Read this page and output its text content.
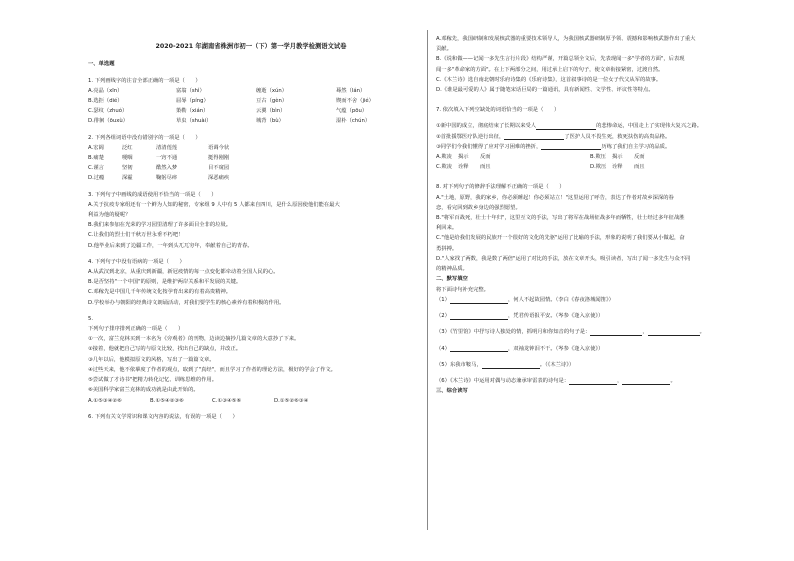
2020-2021 年湖南省株洲市初一（下）第一学月教学检测语文试卷
一、单选题
1. 下列画线字的注音全部正确的一项是（　　）
A.亮晶（xīn）	富翁（shì）	缠逝（xún）	蓦然（lán）
B.选拒（dié）	屈辱（píng）	豆古（gèn）	锲而不舍（jié）
C.瑟纹（zhuó）	策勒（xián）	云翼（bìn）	气蕴（pōu）
D.徘徊（ōuxù）	草虫（shuài）	城背（bù）	湿朴（chún）
2. 下列各组词语中没有错别字的一项是（　　）
A.宏阔	泛红	清清莲莲	语调今状
B.痛楚	哽咽	一窍不通	挺得刚刚
C.谨言	坚韧	酷然入梦	目不窥园
D.过瘾	深霾	鞠躬尽瘁	深恶痛疾
3. 下列句子中画线的成语使用不恰当的一项是（　　）
A.关于抗疫专家组还有一个鲜为人知的秘密，专家组 9 人中有 5 人都来自四川，是什么原因使他们能在最大
利益为他的疑呢？
B.我们来参加在光荣的学习园里清理了许多面目全非的垃圾。
C.让我们的烈士们干秋万世永垂不朽吧！
D.他毕业后来到了边疆工作，一年到头兀兀穷年，奉献着自己的青春。
4. 下列句子中没有语病的一项是（　　）
A.从武汉到北京，从重庆到新疆，新冠疫情的每一点变化都牵动着全国人民的心。
B.是否坚持"一个中国"的原则，是维护两岸关系和平发展的关键。
C.邓稼先是中国几千年传统文化按孕育出来的有着高贵精神。
D.学校举办与朝阳的经典诗文朗诵活动，对我们要学生的核心素养有着积极的作用。
5.
下列句子排序排列正确的一项是（　　）
①一次，富兰克林买到一本名为《旁观者》的刊物，边读边摘抄几篇文章的大意抄了下来。
②接着，他就把自己写的与原文比较，找出自己的缺点，并改正。
③几年以后，他模拟原文的风格，写出了一篇篇文章。
④过些天来，他不依摹度了作者的观点，取到了"真经"，而且学习了作者的理论方法，极好的学会了作文。
⑤尝试做了才诗书"把精力转化记忆、训练思维的作用。
⑥美国科学家富兰克林的成功就是由此开始的。
A.①⑤③④②⑥	B.①⑤④②③⑥	C.①③④⑤⑥	D.①⑤②⑥③④
6. 下列有关文学常识和课文内容的说法，有误的一项是（　　）
A.邓稼先，我国研制和发展核武器的重要技术领导人，为我国核武器研制厚予领、震撼和影响核武器作出了重大
贡献。
B.《说和做——记闻一多先生言行片段》结构严谨，开篇总领全文后，先表现闻一多"学者的方面"，后表现
闻一多"革命家的方面"。在上下两部分之间，用过承上启下的句子，使文章衔接紧密，过渡自然。
C.《木兰诗》选自南北朝时乐府诗集的《乐府诗集》，这首叙事诗的是一位女子代父从军的故事。
D.《谁是最可爱的人》属于随笔宋话巨局的一篇通讯，具有新闻性、文学性、评议性等特点。
7. 依次填入下列空缺处的词语恰当的一项是（　　）
①新中国的成立，彻底结束了长期以来受人	的悲惨命运，中国走上了实现伟大复兴之路。
②首批援鄂医疗队逆行出征，	了医护人员不畏生死，救死扶伤的高贵品格。
③同学们今我们懂得了应对学习困难的挫折，	历练了我们自主学习的品质。
A.欺凌	揭示	反而	B.欺压	揭示	反而
C.欺凌	诠释	而且	D.欺压	诠释	而且
8. 对下列句子的修辞手法理解不正确的一项是（　　）
A."土地，原野，我的家乡，你必须睡起！你必须站立！"这里运用了呼告，表达了作者对故乡深深的眷
恋，看完回到故乡身边的强烈愿望。
B."将军百战死，壮士十年归"，这里互文的手法，写出了将军在战场征战多年而牺牲，壮士经过多年征战胜
利回来。
C."他是给我们发展的民族开一个很好的文化的先驱"运用了比喻的手法，形象的说明了我们要从小做起，奋
勇拼搏。
D."人家找了两数，我是数了两倍"运用了对比的手法，放在文章开头，吸引读者，写出了闻一多先生与众不同
的精神品质。
二、默写填空
将下面诗句补充完整。
（1）	，何人不起故园情。（李白《春夜洛城闻笛》）
（2）	，凭君传语报平安。（岑参《逢入京使》）
（3）《竹里馆》中抒写诗人独处的情，抓明月和你知音的句子是：	，	。
（4）	，双袖龙钟泪不干。（岑参《逢入京使》）
（5）东我市鞍马，	。（《木兰诗》）
（6）《木兰诗》中运用对偶与动态兼承审雷表的诗句是：	，	。
三、综合读写
